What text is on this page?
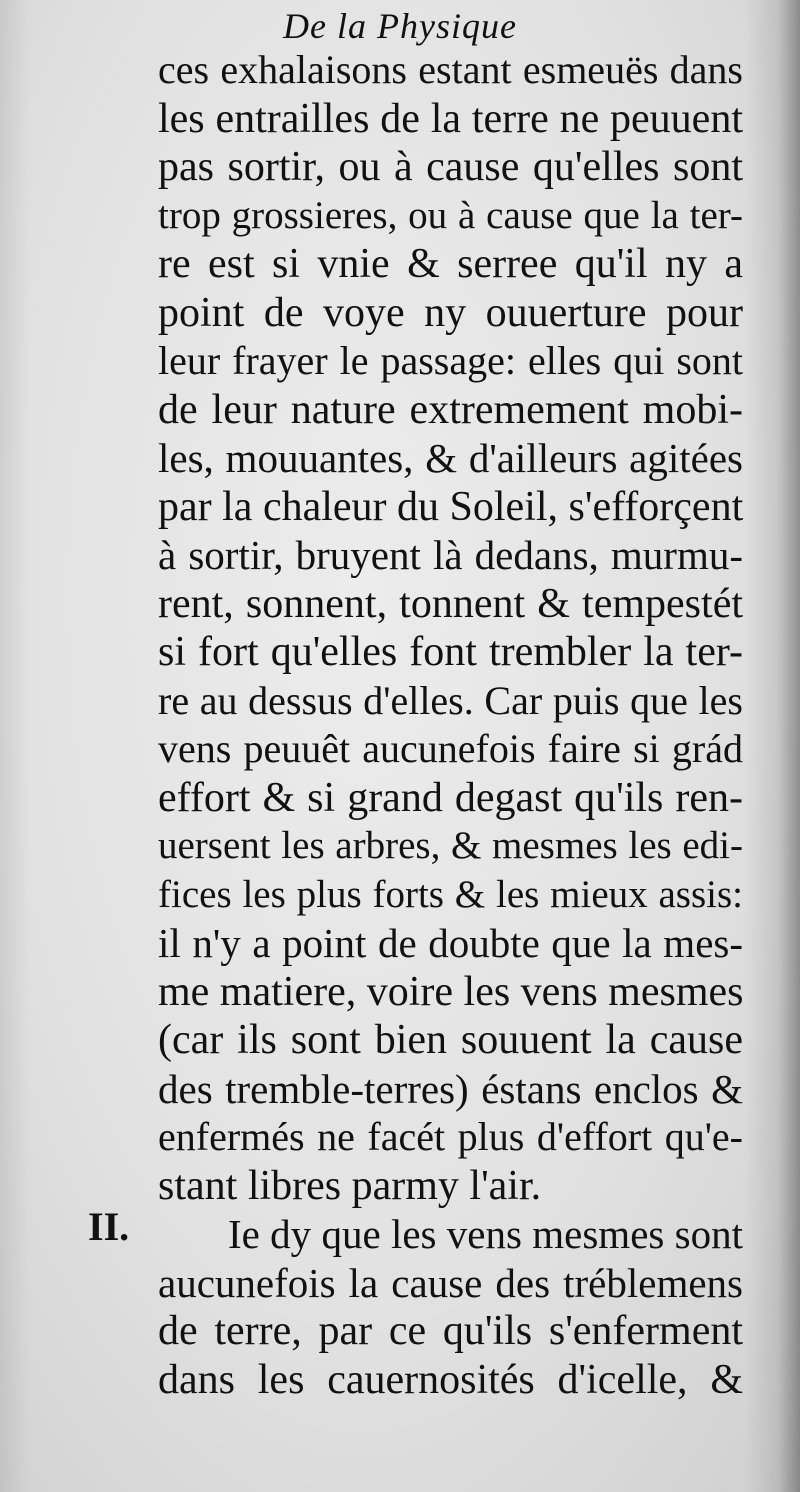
De la Physique
ces exhalaisons estant esmeuës dans
les entrailles de la terre ne peuuent
pas sortir, ou à cause qu'elles sont
trop grossieres, ou à cause que la ter-
re est si vnie & serree qu'il ny a
point de voye ny ouuerture pour
leur frayer le passage: elles qui sont
de leur nature extremement mobi-
les, mouuantes, & d'ailleurs agitées
par la chaleur du Soleil, s'efforçent
à sortir, bruyent là dedans, murmu-
rent, sonnent, tonnent & tempestét
si fort qu'elles font trembler la ter-
re au dessus d'elles. Car puis que les
vens peuuêt aucunefois faire si grád
effort & si grand degast qu'ils ren-
uersent les arbres, & mesmes les edi-
fices les plus forts & les mieux assis:
il n'y a point de doubte que la mes-
me matiere, voire les vens mesmes
(car ils sont bien souuent la cause
des tremble-terres) éstans enclos &
enfermés ne facét plus d'effort qu'e-
stant libres parmy l'air.
Ie dy que les vens mesmes sont
aucunefois la cause des tréblemens
de terre, par ce qu'ils s'enferment
dans les cauernosités d'icelle, &
II.
